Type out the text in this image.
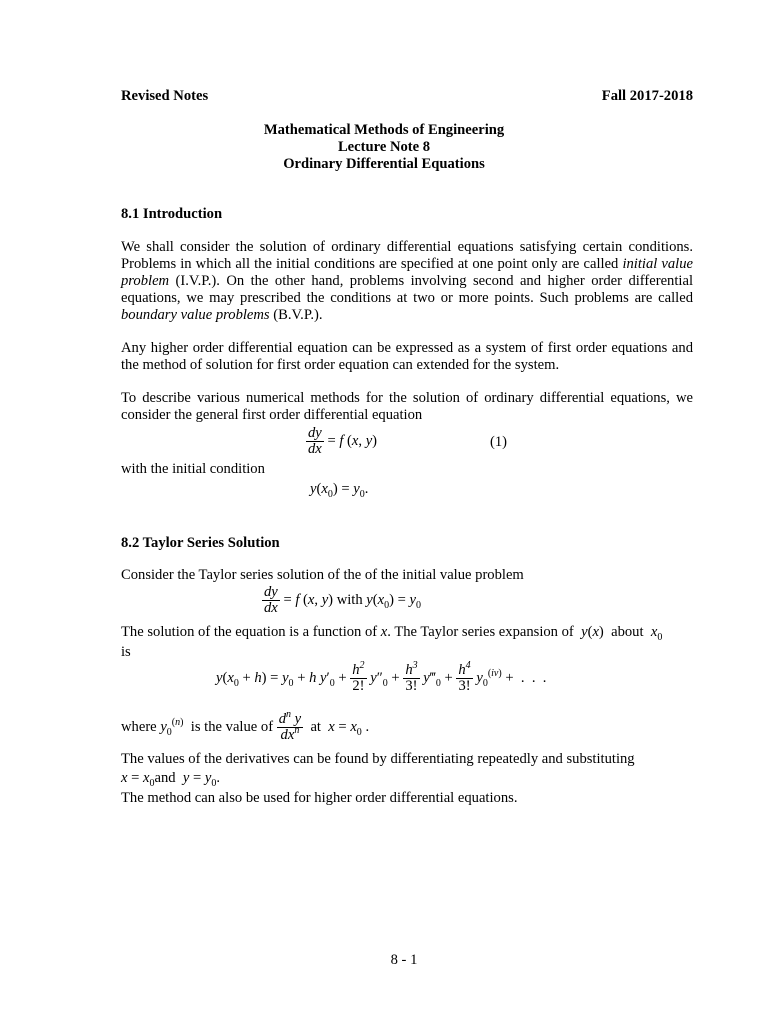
Revised Notes	Fall 2017-2018
Mathematical Methods of Engineering
Lecture Note 8
Ordinary Differential Equations
8.1 Introduction
We shall consider the solution of ordinary differential equations satisfying certain conditions. Problems in which all the initial conditions are specified at one point only are called initial value problem (I.V.P.). On the other hand, problems involving second and higher order differential equations, we may prescribed the conditions at two or more points. Such problems are called boundary value problems (B.V.P.).
Any higher order differential equation can be expressed as a system of first order equations and the method of solution for first order equation can extended for the system.
To describe various numerical methods for the solution of ordinary differential equations, we consider the general first order differential equation
$\frac{dy}{dx} = f$ (x, y)	(1)
with the initial condition
$y(x_0) = y_0$.
8.2 Taylor Series Solution
Consider the Taylor series solution of the of the initial value problem
$\frac{dy}{dx} = f$ (x, y) with $y(x_0) = y_0$
The solution of the equation is a function of x. The Taylor series expansion of y(x)  about $x_0$
is
$y(x_0 + h) = y_0 + h$ $y'_0 + \frac{h^2}{2!} y''_0 + \frac{h^3}{3!}$ $y‴_0 + \frac{h^4}{3!} y_0^{(iv)}$ +  .  .  .
where $y_0^{(n)}$ is the value of $\frac{d^n y}{dx^n}$ at $x = x_0$ .
The values of the derivatives can be found by differentiating repeatedly and substituting
$x = x_0and$ $y = y_0$.
The method can also be used for higher order differential equations.
8 - 1
